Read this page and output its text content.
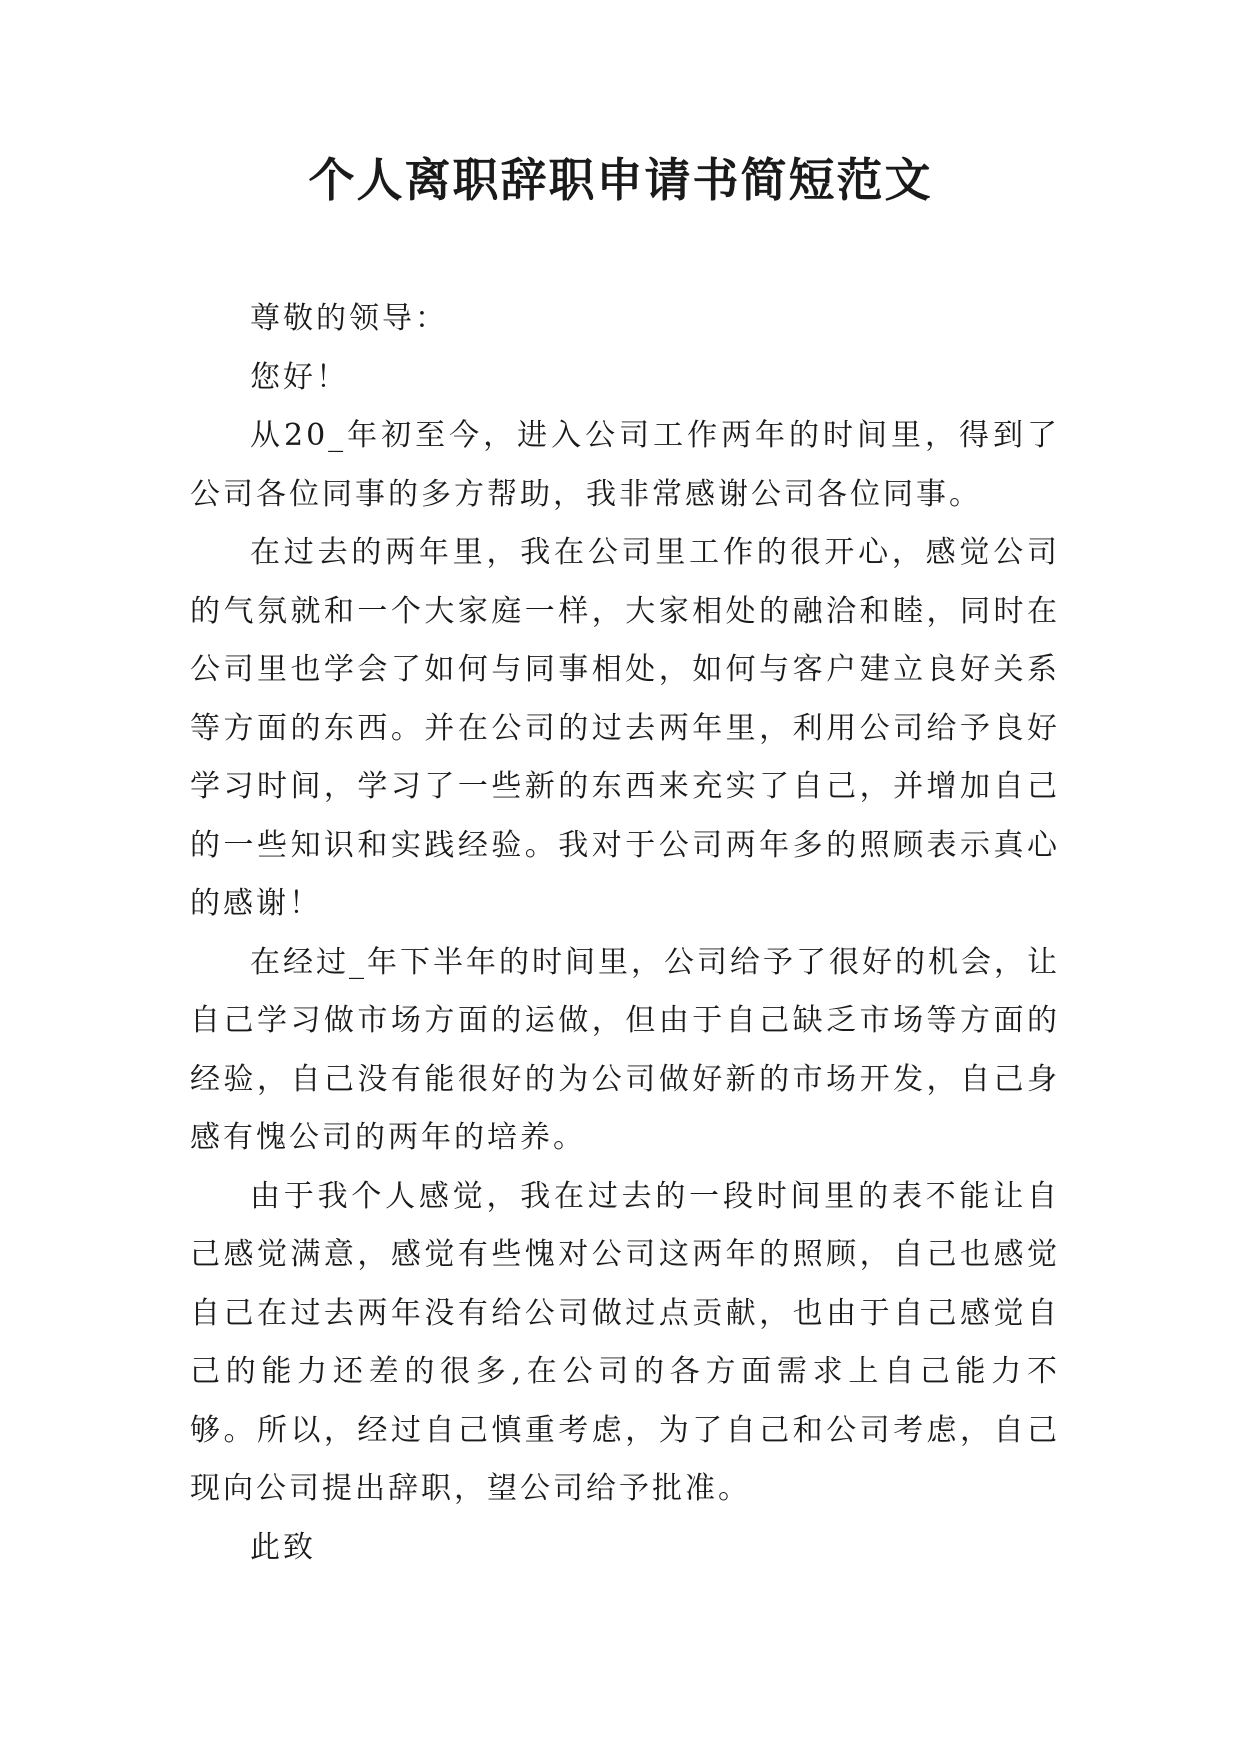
个人离职辞职申请书简短范文

尊敬的领导：

您好！

从20_年初至今，进入公司工作两年的时间里，得到了公司各位同事的多方帮助，我非常感谢公司各位同事。

在过去的两年里，我在公司里工作的很开心，感觉公司的气氛就和一个大家庭一样，大家相处的融洽和睦，同时在公司里也学会了如何与同事相处，如何与客户建立良好关系等方面的东西。并在公司的过去两年里，利用公司给予良好学习时间，学习了一些新的东西来充实了自己，并增加自己的一些知识和实践经验。我对于公司两年多的照顾表示真心的感谢！

在经过_年下半年的时间里，公司给予了很好的机会，让自己学习做市场方面的运做，但由于自己缺乏市场等方面的经验，自己没有能很好的为公司做好新的市场开发，自己身感有愧公司的两年的培养。

由于我个人感觉，我在过去的一段时间里的表不能让自己感觉满意，感觉有些愧对公司这两年的照顾，自己也感觉自己在过去两年没有给公司做过点贡献，也由于自己感觉自己的能力还差的很多,在公司的各方面需求上自己能力不够。所以，经过自己慎重考虑，为了自己和公司考虑，自己现向公司提出辞职，望公司给予批准。

此致
